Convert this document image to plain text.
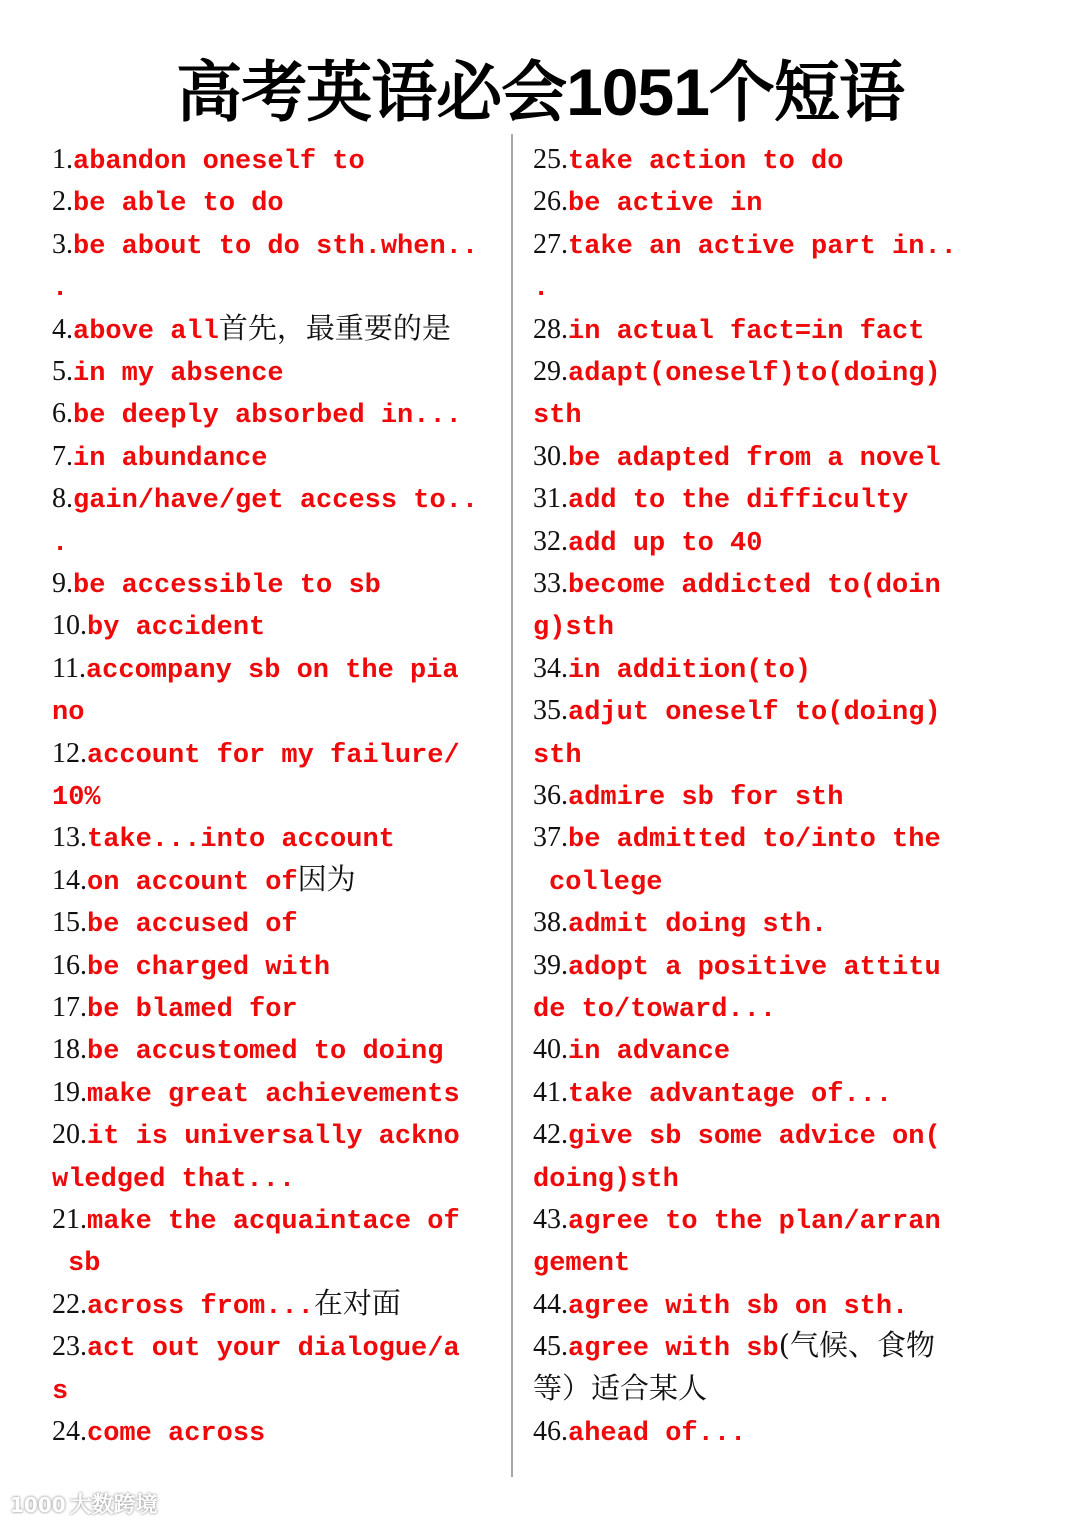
高考英语必会1051个短语
1.abandon oneself to
2.be able to do
3.be about to do sth.when..
.
4.above all首先，最重要的是
5.in my absence
6.be deeply absorbed in...
7.in abundance
8.gain/have/get access to..
.
9.be accessible to sb
10.by accident
11.accompany sb on the pia
no
12.account for my failure/
10%
13.take...into account
14.on account of因为
15.be accused of
16.be charged with
17.be blamed for
18.be accustomed to doing
19.make great achievements
20.it is universally ackno
wledged that...
21.make the acquaintace of
sb
22.across from...在对面
23.act out your dialogue/a
s
24.come across
25.take action to do
26.be active in
27.take an active part in..
.
28.in actual fact=in fact
29.adapt(oneself)to(doing)
sth
30.be adapted from a novel
31.add to the difficulty
32.add up to 40
33.become addicted to(doin
g)sth
34.in addition(to)
35.adjut oneself to(doing)
sth
36.admire sb for sth
37.be admitted to/into the
college
38.admit doing sth.
39.adopt a positive attitu
de to/toward...
40.in advance
41.take advantage of...
42.give sb some advice on(
doing)sth
43.agree to the plan/arran
gement
44.agree with sb on sth.
45.agree with sb(气候、食物
等）适合某人
46.ahead of...
1000 大数跨境
